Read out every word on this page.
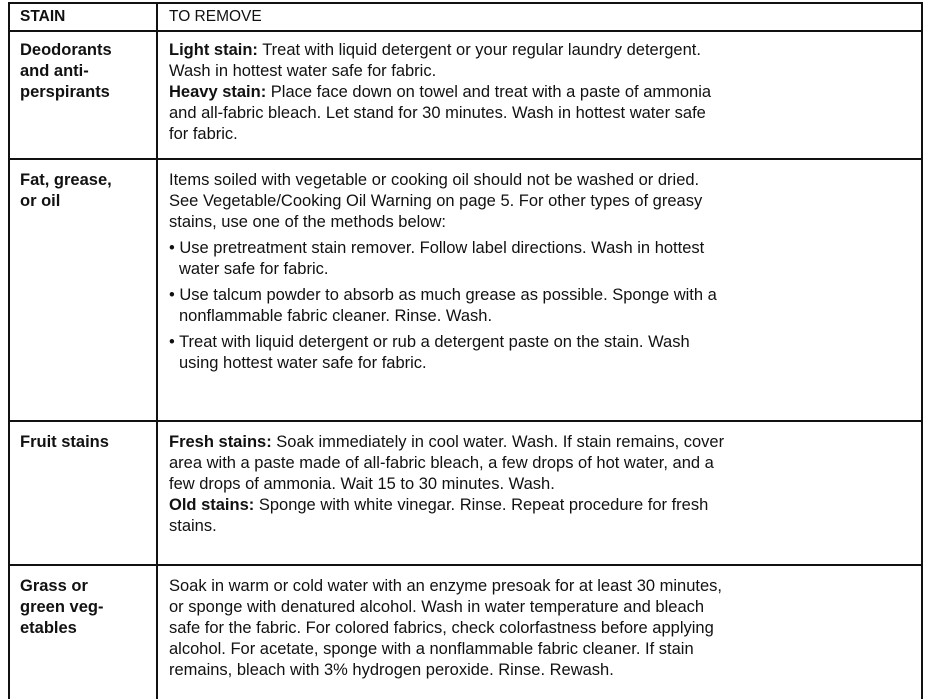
STAIN	TO REMOVE
Deodorants
and anti-
perspirants
Light stain: Treat with liquid detergent or your regular laundry detergent.
Wash in hottest water safe for fabric.
Heavy stain: Place face down on towel and treat with a paste of ammonia
and all-fabric bleach. Let stand for 30 minutes. Wash in hottest water safe
for fabric.
Fat, grease,
or oil
Items soiled with vegetable or cooking oil should not be washed or dried.
See Vegetable/Cooking Oil Warning on page 5. For other types of greasy
stains, use one of the methods below:
• Use pretreatment stain remover. Follow label directions. Wash in hottest
water safe for fabric.
• Use talcum powder to absorb as much grease as possible. Sponge with a
nonflammable fabric cleaner. Rinse. Wash.
• Treat with liquid detergent or rub a detergent paste on the stain. Wash
using hottest water safe for fabric.
Fruit stains	Fresh stains: Soak immediately in cool water. Wash. If stain remains, cover
area with a paste made of all-fabric bleach, a few drops of hot water, and a
few drops of ammonia. Wait 15 to 30 minutes. Wash.
Old stains: Sponge with white vinegar. Rinse. Repeat procedure for fresh
stains.
Grass or
green veg-
etables
Soak in warm or cold water with an enzyme presoak for at least 30 minutes,
or sponge with denatured alcohol. Wash in water temperature and bleach
safe for the fabric. For colored fabrics, check colorfastness before applying
alcohol. For acetate, sponge with a nonflammable fabric cleaner. If stain
remains, bleach with 3% hydrogen peroxide. Rinse. Rewash.
